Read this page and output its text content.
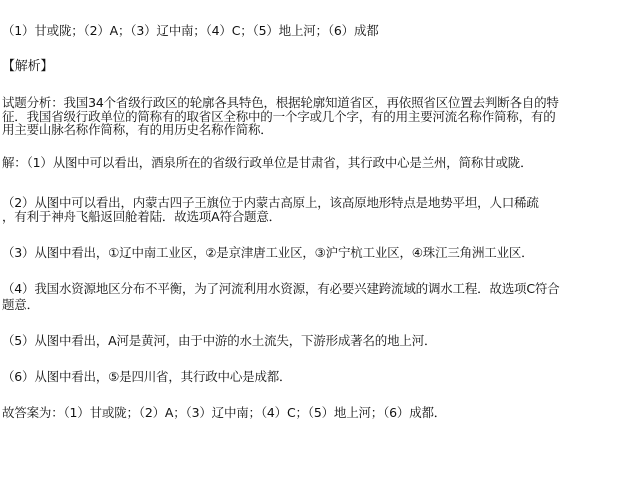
（1）甘或陇；（2）A；（3）辽中南；（4）C；（5）地上河；（6）成都
【解析】
试题分析：我国34个省级行政区的轮廓各具特色，根据轮廓知道省区，再依照省区位置去判断各自的特
征．我国省级行政单位的简称有的取省区全称中的一个字或几个字，有的用主要河流名称作简称，有的
用主要山脉名称作简称，有的用历史名称作简称．
解：（1）从图中可以看出，酒泉所在的省级行政单位是甘肃省，其行政中心是兰州，简称甘或陇．
（2）从图中可以看出，内蒙古四子王旗位于内蒙古高原上，该高原地形特点是地势平坦，人口稀疏
，有利于神舟飞船返回舱着陆．故选项A符合题意．
（3）从图中看出，①辽中南工业区，②是京津唐工业区，③沪宁杭工业区，④珠江三角洲工业区．
（4）我国水资源地区分布不平衡，为了河流利用水资源，有必要兴建跨流域的调水工程．故选项C符合
题意．
（5）从图中看出，A河是黄河，由于中游的水土流失，下游形成著名的地上河．
（6）从图中看出，⑤是四川省，其行政中心是成都．
故答案为：（1）甘或陇；（2）A；（3）辽中南；（4）C；（5）地上河；（6）成都．
